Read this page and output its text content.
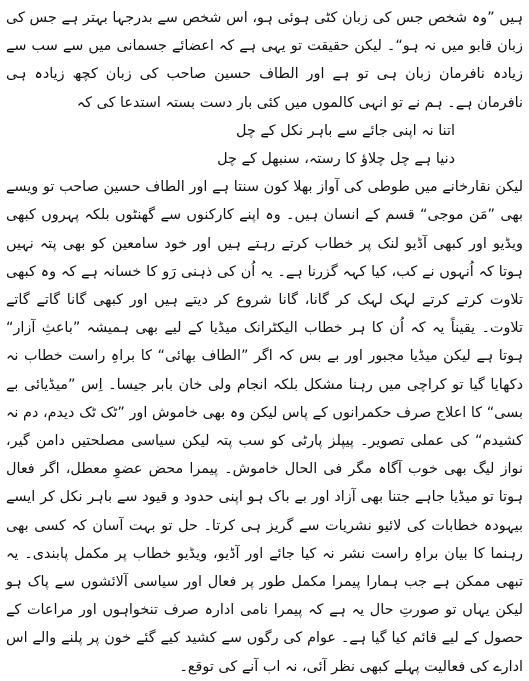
ہیں ”وہ شخص جس کی زبان کٹی ہوئی ہو، اس شخص سے بدرجہا بہتر ہے جس کی زبان قابو میں نہ ہو“۔ لیکن حقیقت تو یہی ہے کہ اعضائے جسمانی میں سے سب سے زیادہ نافرمان زبان ہی تو ہے اور الطاف حسین صاحب کی زبان کچھ زیادہ ہی نافرمان ہے۔ ہم نے تو انہی کالموں میں کئی بار دست بستہ استدعا کی کہ

اتنا نہ اپنی جائے سے باہر نکل کے چل
دنیا ہے چل چلاؤ کا رستہ، سنبھل کے چل

لیکن نقارخانے میں طوطی کی آواز بھلا کون سنتا ہے اور الطاف حسین صاحب تو ویسے بھی ”مَن موجی“ قسم کے انسان ہیں۔ وہ اپنے کارکنوں سے گھنٹوں بلکہ پہروں کبھی ویڈیو اور کبھی آڈیو لنک پر خطاب کرتے رہتے ہیں اور خود سامعین کو بھی پتہ نہیں ہوتا کہ اُنہوں نے کب، کیا کہہ گزرنا ہے۔ یہ اُن کی ذہنی رَو کا خسانہ ہے کہ وہ کبھی تلاوت کرتے کرتے لہک لہک کر گانا، گانا شروع کر دیتے ہیں اور کبھی گانا گاتے گاتے تلاوت۔ یقیناً یہ کہ اُن کا ہر خطاب الیکٹرانک میڈیا کے لیے بھی ہمیشہ ”باعثِ آزار“ ہوتا ہے لیکن میڈیا مجبور اور بے بس کہ اگر ”الطاف بھائی“ کا براہِ راست خطاب نہ دکھایا گیا تو کراچی میں رہنا مشکل بلکہ انجام ولی خان بابر جیسا۔ اِس ”میڈیائی بے بسی“ کا اعلاج صرف حکمرانوں کے پاس لیکن وہ بھی خاموش اور ”ٹک ٹک دیدم، دم نہ کشیدم“ کی عملی تصویر۔ پیپلز پارٹی کو سب پتہ لیکن سیاسی مصلحتیں دامن گیر، نواز لیگ بھی خوب آگاہ مگر فی الحال خاموش۔ پیمرا محض عضوِ معطل، اگر فعال ہوتا تو میڈیا جاہے جتنا بھی آزاد اور بے باک ہو اپنی حدود و قیود سے باہر نکل کر ایسے بیہودہ خطابات کی لائیو نشریات سے گریز ہی کرتا۔ حل تو بہت آسان کہ کسی بھی رہنما کا بیان براہِ راست نشر نہ کیا جائے اور آڈیو، ویڈیو خطاب پر مکمل پابندی۔ یہ تبھی ممکن ہے جب ہمارا پیمرا مکمل طور پر فعال اور سیاسی آلائشوں سے پاک ہو لیکن یہاں تو صورتِ حال یہ ہے کہ پیمرا نامی ادارہ صرف تنخواہوں اور مراعات کے حصول کے لیے قائم کیا گیا ہے۔ عوام کی رگوں سے کشید کیے گئے خون پر پلنے والے اس ادارے کی فعالیت پہلے کبھی نظر آئی، نہ اب آنے کی توقع۔
